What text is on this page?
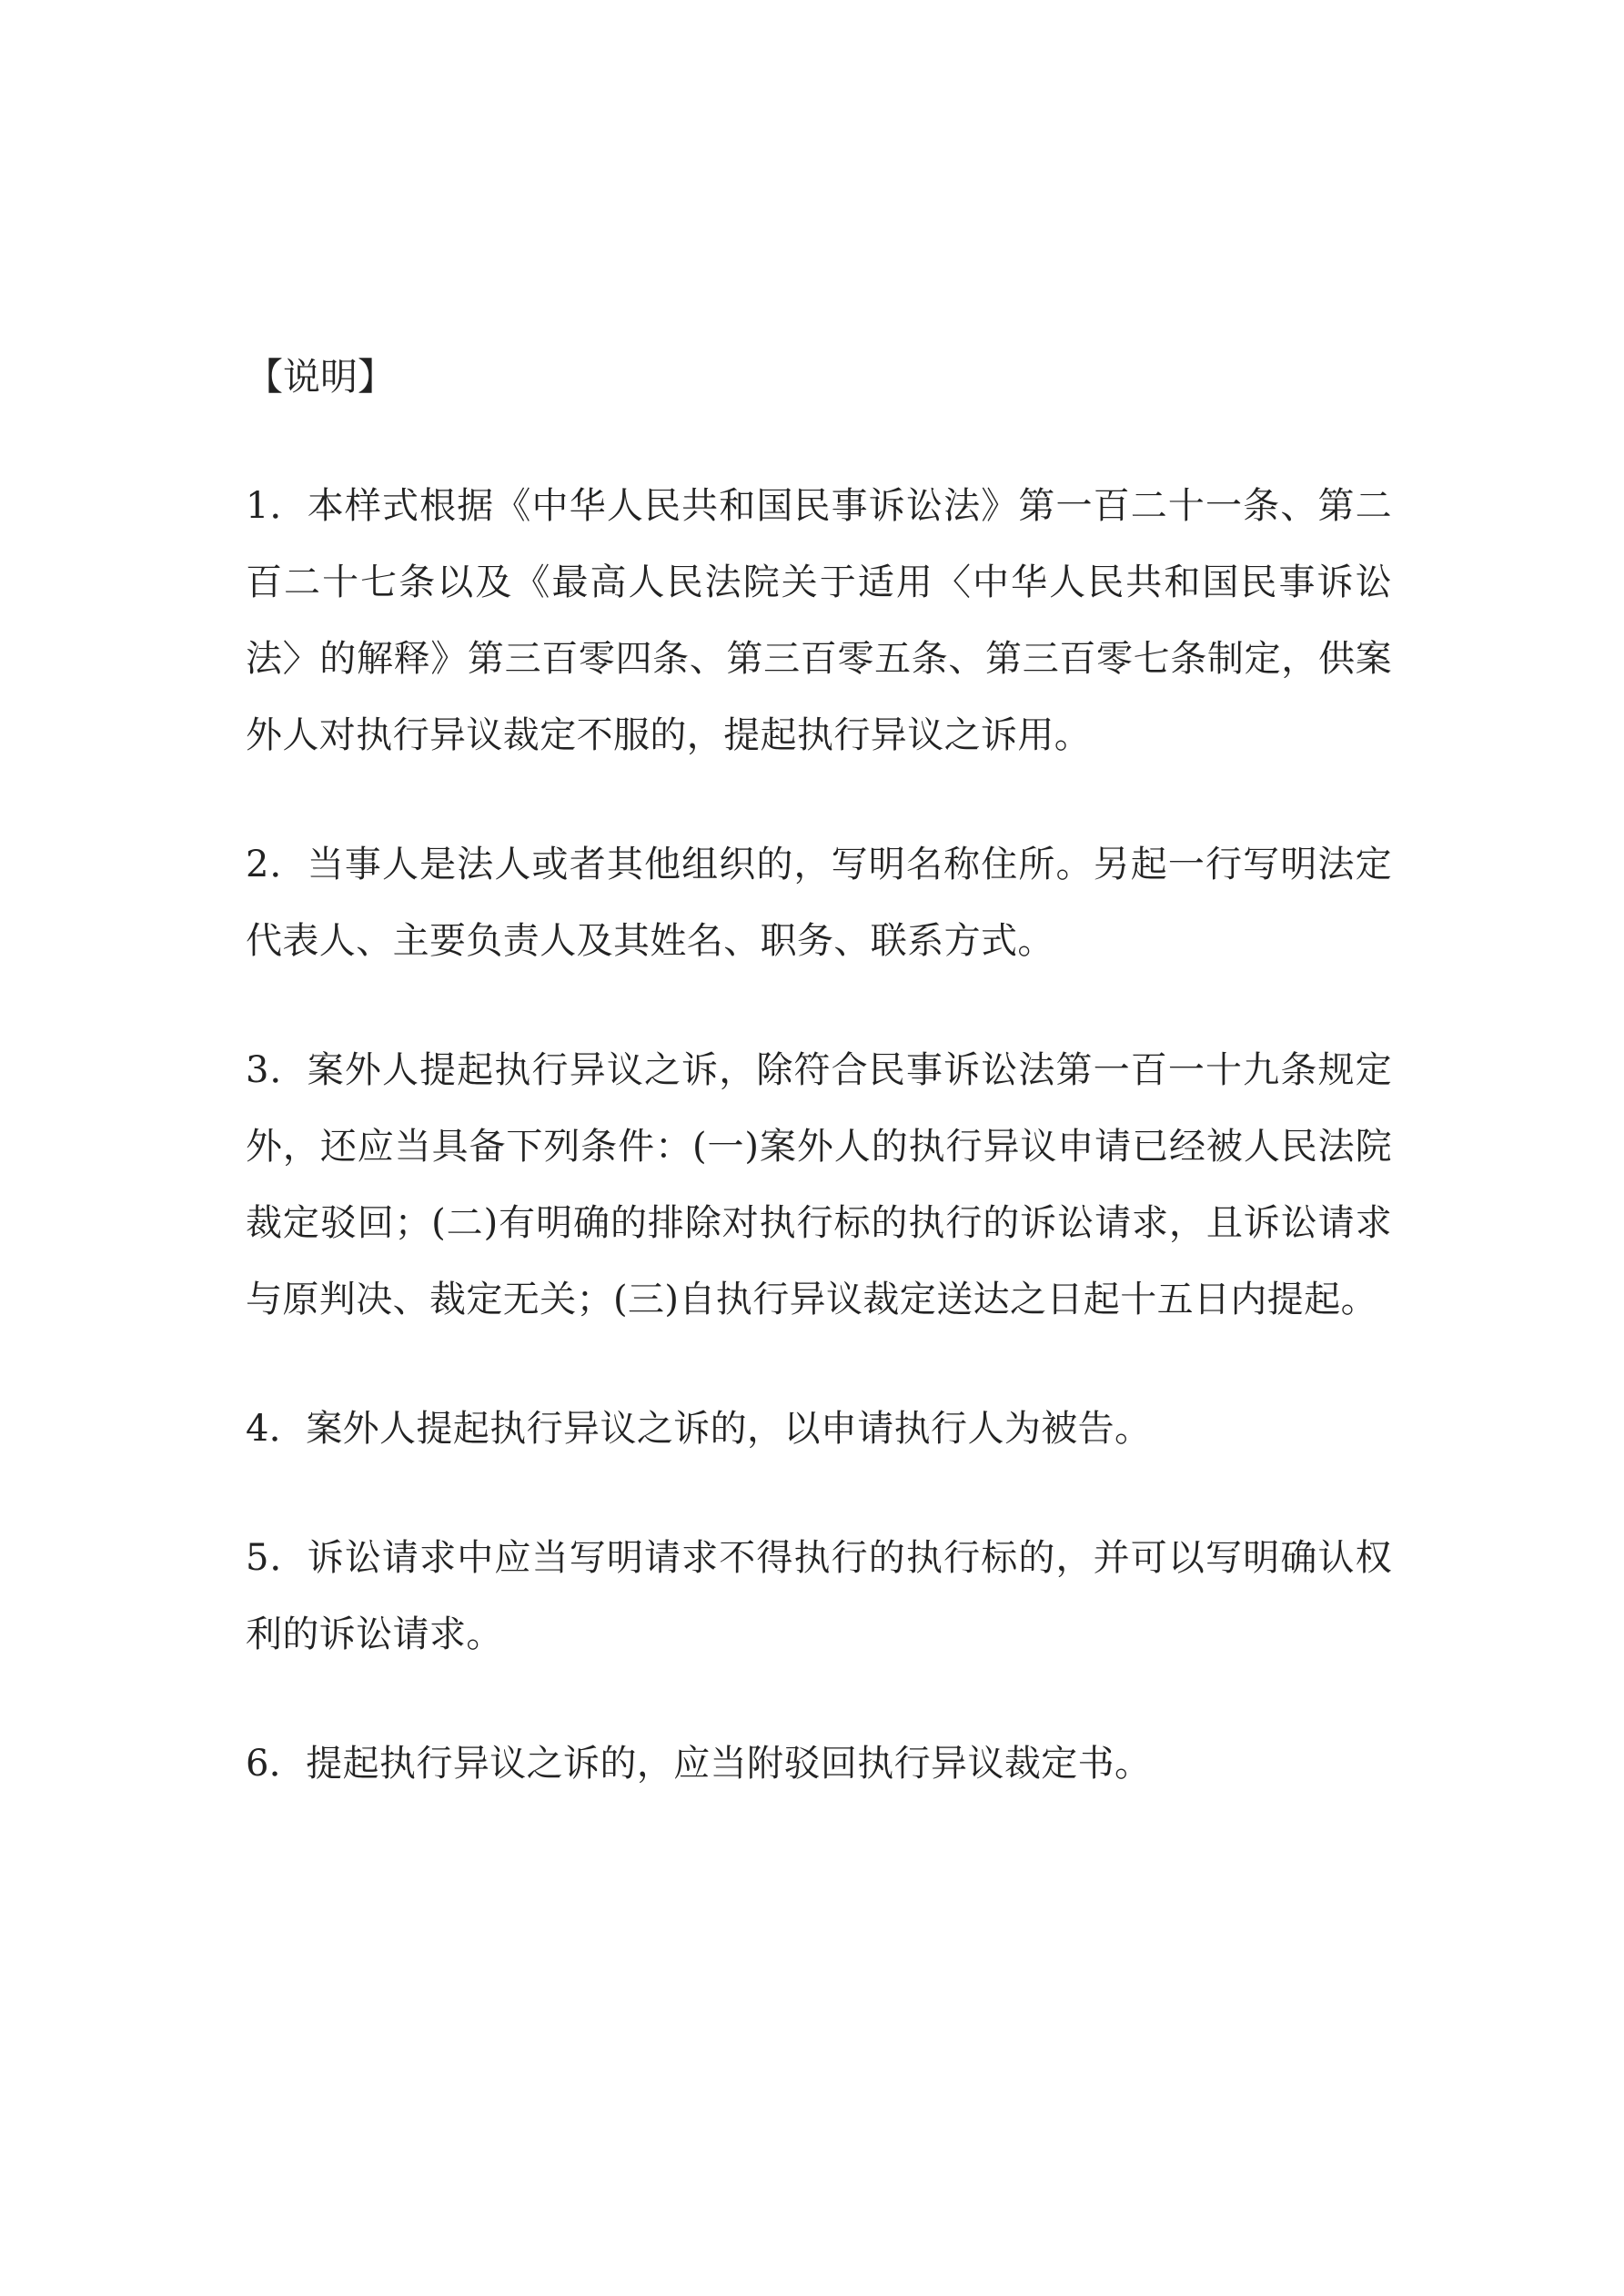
【说明】

1．本样式根据《中华人民共和国民事诉讼法》第一百二十一条、第二百二十七条以及《最高人民法院关于适用〈中华人民共和国民事诉讼法〉的解释》第三百零四条、第三百零五条、第三百零七条制定，供案外人对执行异议裁定不服的，提起执行异议之诉用。

2．当事人是法人或者其他组织的，写明名称住所。另起一行写明法定代表人、主要负责人及其姓名、职务、联系方式。

3．案外人提起执行异议之诉，除符合民事诉讼法第一百一十九条规定外，还应当具备下列条件：(一)案外人的执行异议申请已经被人民法院裁定驳回；(二)有明确的排除对执行标的执行的诉讼请求，且诉讼请求与原判决、裁定无关；(三)自执行异议裁定送达之日起十五日内提起。

4．案外人提起执行异议之诉的，以申请执行人为被告。

5．诉讼请求中应当写明请求不得执行的执行标的，并可以写明确认权利的诉讼请求。

6．提起执行异议之诉的，应当附驳回执行异议裁定书。
